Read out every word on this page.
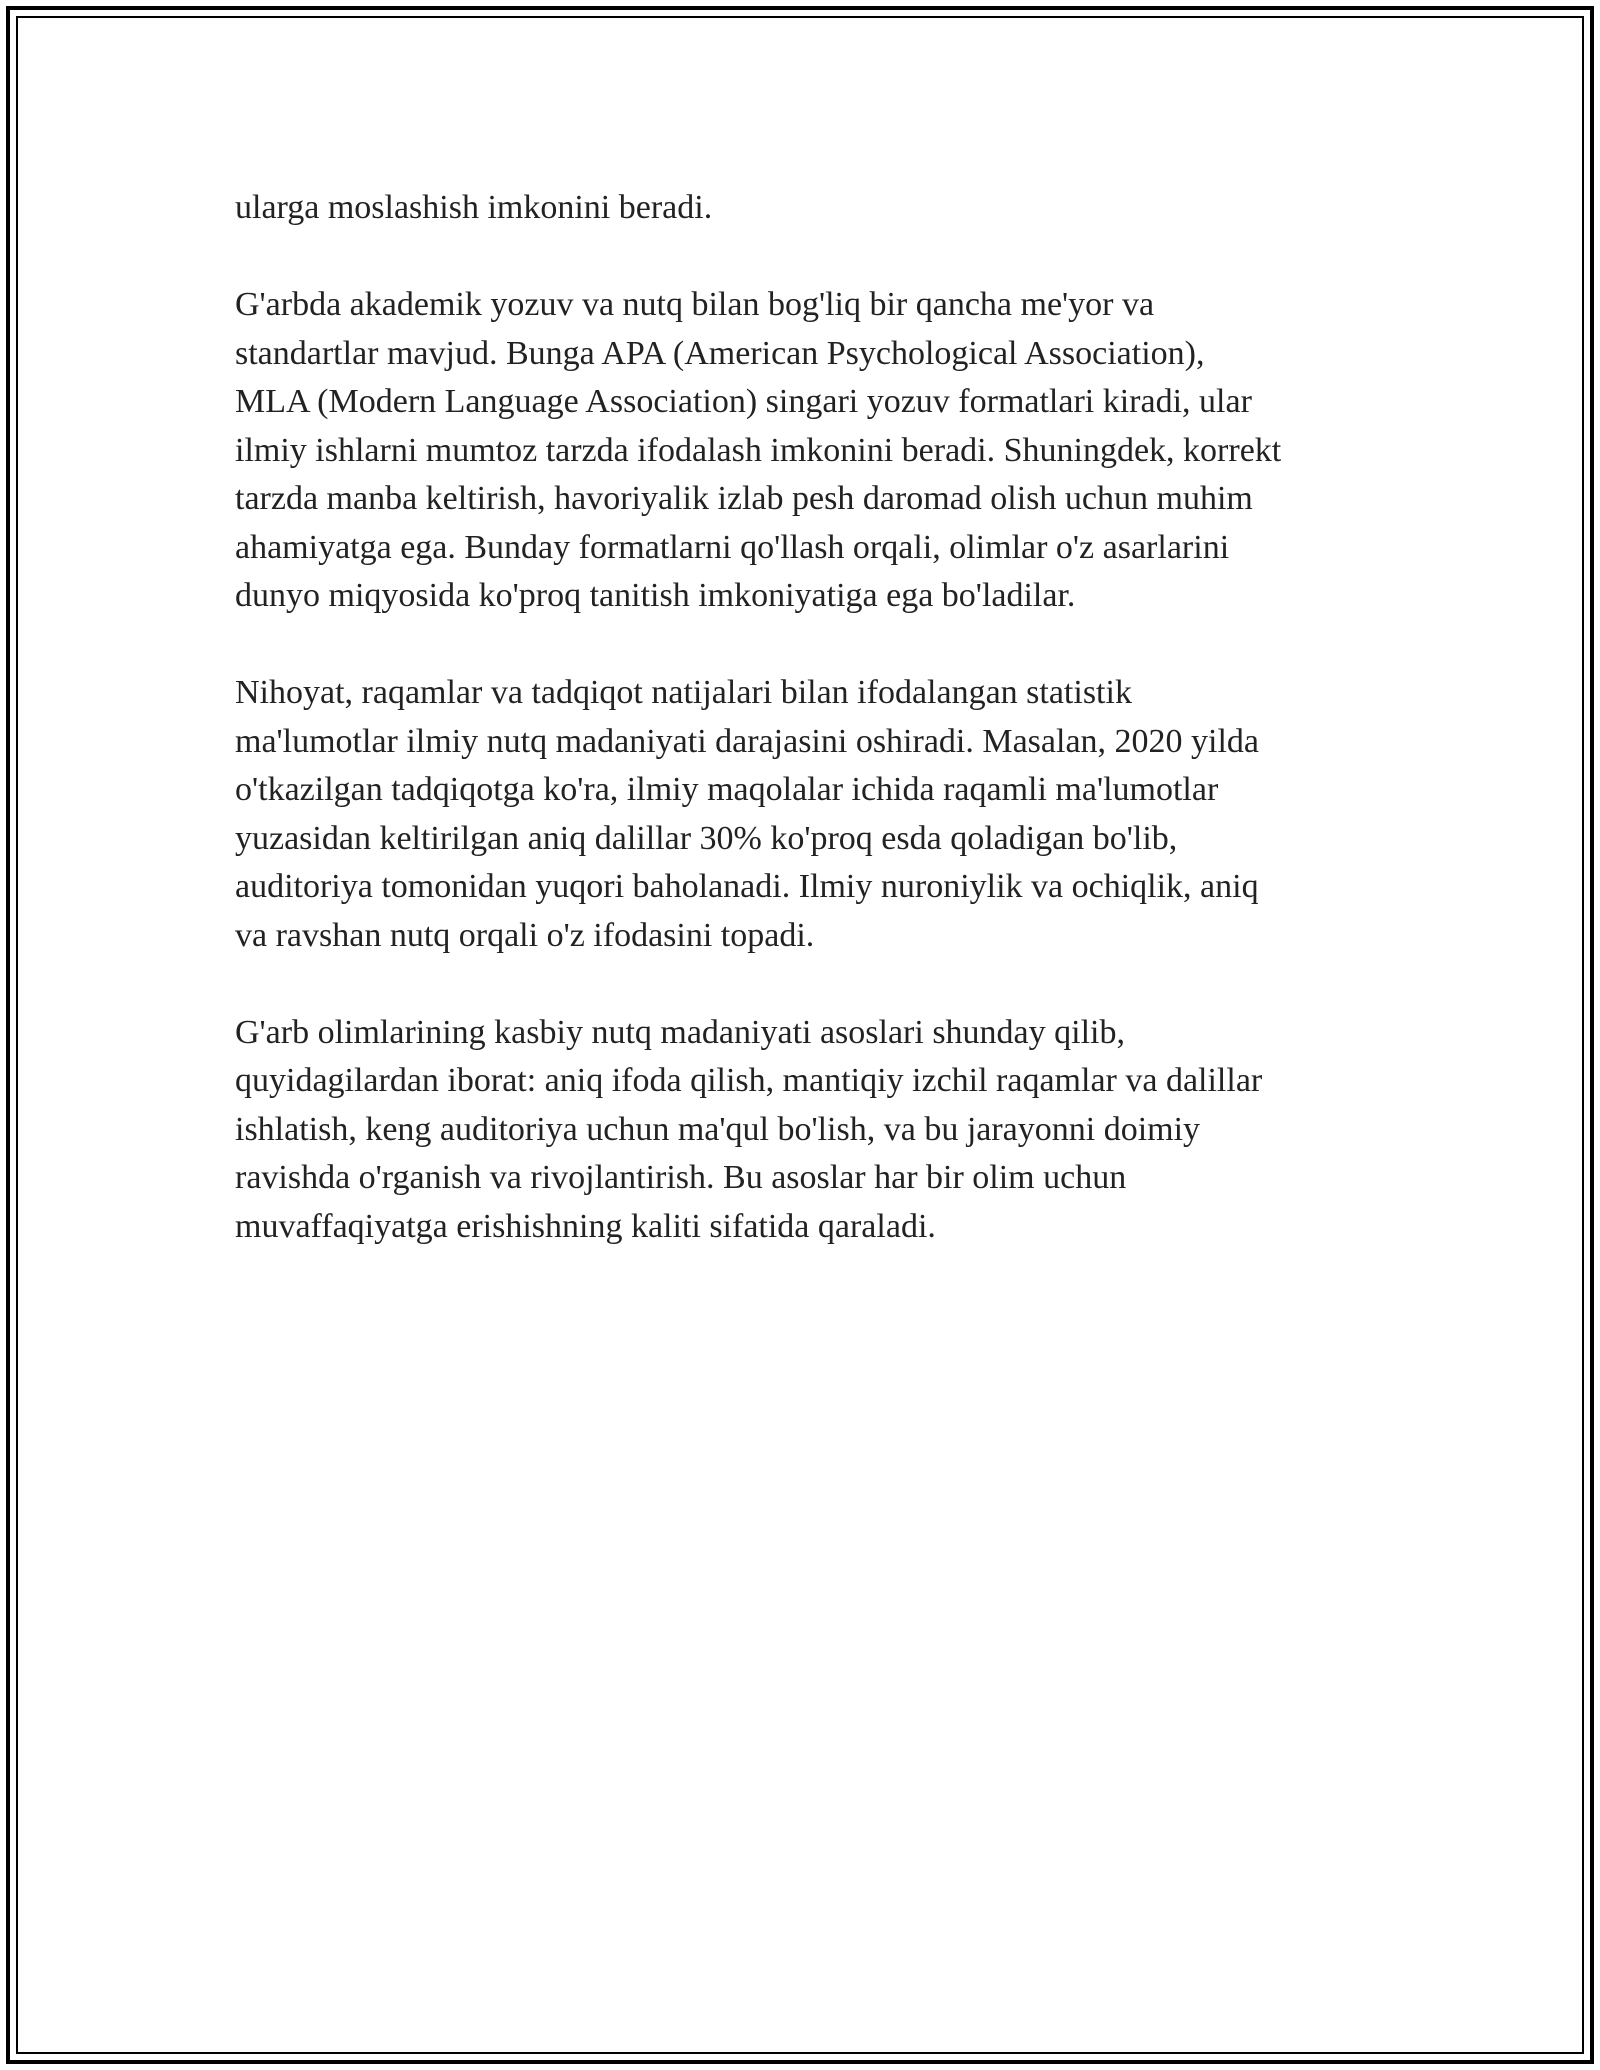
ularga moslashish imkonini beradi.

G'arbda akademik yozuv va nutq bilan bog'liq bir qancha me'yor va
standartlar mavjud. Bunga APA (American Psychological Association),
MLA (Modern Language Association) singari yozuv formatlari kiradi, ular
ilmiy ishlarni mumtoz tarzda ifodalash imkonini beradi. Shuningdek, korrekt
tarzda manba keltirish, havoriyalik izlab pesh daromad olish uchun muhim
ahamiyatga ega. Bunday formatlarni qo'llash orqali, olimlar o'z asarlarini
dunyo miqyosida ko'proq tanitish imkoniyatiga ega bo'ladilar.

Nihoyat, raqamlar va tadqiqot natijalari bilan ifodalangan statistik
ma'lumotlar ilmiy nutq madaniyati darajasini oshiradi. Masalan, 2020 yilda
o'tkazilgan tadqiqotga ko'ra, ilmiy maqolalar ichida raqamli ma'lumotlar
yuzasidan keltirilgan aniq dalillar 30% ko'proq esda qoladigan bo'lib,
auditoriya tomonidan yuqori baholanadi. Ilmiy nuroniylik va ochiqlik, aniq
va ravshan nutq orqali o'z ifodasini topadi.

G'arb olimlarining kasbiy nutq madaniyati asoslari shunday qilib,
quyidagilardan iborat: aniq ifoda qilish, mantiqiy izchil raqamlar va dalillar
ishlatish, keng auditoriya uchun ma'qul bo'lish, va bu jarayonni doimiy
ravishda o'rganish va rivojlantirish. Bu asoslar har bir olim uchun
muvaffaqiyatga erishishning kaliti sifatida qaraladi.
